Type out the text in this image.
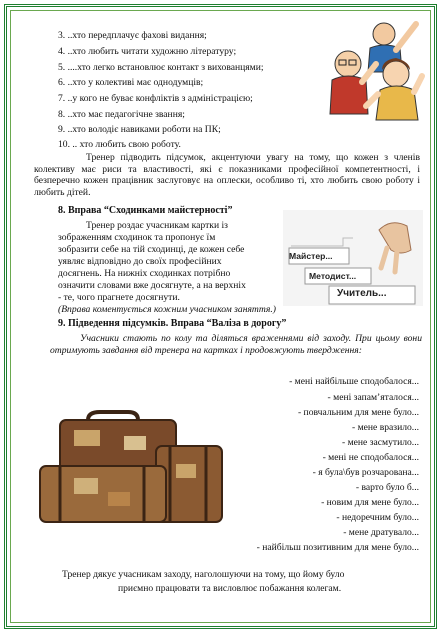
3. ..хто передплачує фахові видання;
4. ..хто любить читати художню літературу;
5. ....хто легко встановлює контакт з вихованцями;
6. ..хто у колективі має однодумців;
7. ..у кого не буває конфліктів з адміністрацією;
8. ..хто має педагогічне звання;
9. ..хто володіє навиками роботи на ПК;
10. .. хто любить свою роботу.
Тренер підводить підсумок, акцентуючи увагу на тому, що кожен з членів колективу має риси та властивості, які є показниками професійної компетентності, і безперечно кожен працівник заслуговує на оплески, особливо ті, хто любить свою роботу і любить дітей.
8. Вправа “Сходинками майстерності”
Тренер роздає учасникам картки із
зображенням сходинок та пропонує їм
зобразити себе на тій сходинці, де кожен себе
уявляє відповідно до своїх професійних
досягнень. На нижніх сходинках потрібно
означити словами вже досягнуте, а на верхніх
- те, чого прагнете досягнути.
(Вправа коментується кожним учасником заняття.)
Майстер...
Методист...
Учитель...
9. Підведення підсумків. Вправа “Валіза в дорогу”
Учасники стають по колу та діляться враженнями від заходу. При цьому вони отримують завдання від тренера на картках і продовжують твердження:
- мені найбільше сподобалося...
- мені запам’яталося...
- повчальним для мене було...
- мене вразило...
- мене засмутило...
- мені не сподобалося...
- я була\був розчарована...
- варто було б...
- новим для мене було...
- недоречним було...
- мене дратувало...
- найбільш позитивним для мене було...
Тренер дякує учасникам заходу, наголошуючи на тому, що йому було
приємно працювати та висловлює побажання колегам.
